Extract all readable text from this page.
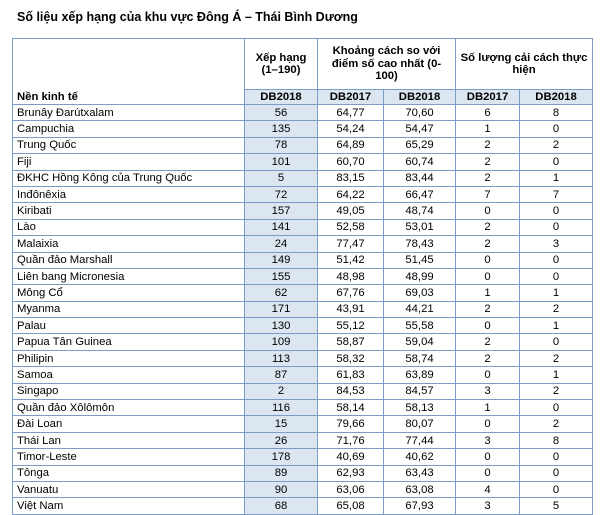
Số liệu xếp hạng của khu vực Đông Á – Thái Bình Dương
Nền kinh tế	Xếp hạng (1–190)	Khoảng cách so với điểm số cao nhất (0-100)		Số lượng cải cách thực hiện	
	DB2018	DB2017	DB2018	DB2017	DB2018
Brunây Đarútxalam	56	64,77	70,60	6	8
Campuchia	135	54,24	54,47	1	0
Trung Quốc	78	64,89	65,29	2	2
Fiji	101	60,70	60,74	2	0
ĐKHC Hồng Kông của Trung Quốc	5	83,15	83,44	2	1
Inđônêxia	72	64,22	66,47	7	7
Kiribati	157	49,05	48,74	0	0
Lào	141	52,58	53,01	2	0
Malaixia	24	77,47	78,43	2	3
Quần đảo Marshall	149	51,42	51,45	0	0
Liên bang Micronesia	155	48,98	48,99	0	0
Mông Cổ	62	67,76	69,03	1	1
Myanma	171	43,91	44,21	2	2
Palau	130	55,12	55,58	0	1
Papua Tân Guinea	109	58,87	59,04	2	0
Philipin	113	58,32	58,74	2	2
Samoa	87	61,83	63,89	0	1
Singapo	2	84,53	84,57	3	2
Quần đảo Xôlômôn	116	58,14	58,13	1	0
Đài Loan	15	79,66	80,07	0	2
Thái Lan	26	71,76	77,44	3	8
Timor-Leste	178	40,69	40,62	0	0
Tônga	89	62,93	63,43	0	0
Vanuatu	90	63,06	63,08	4	0
Việt Nam	68	65,08	67,93	3	5
